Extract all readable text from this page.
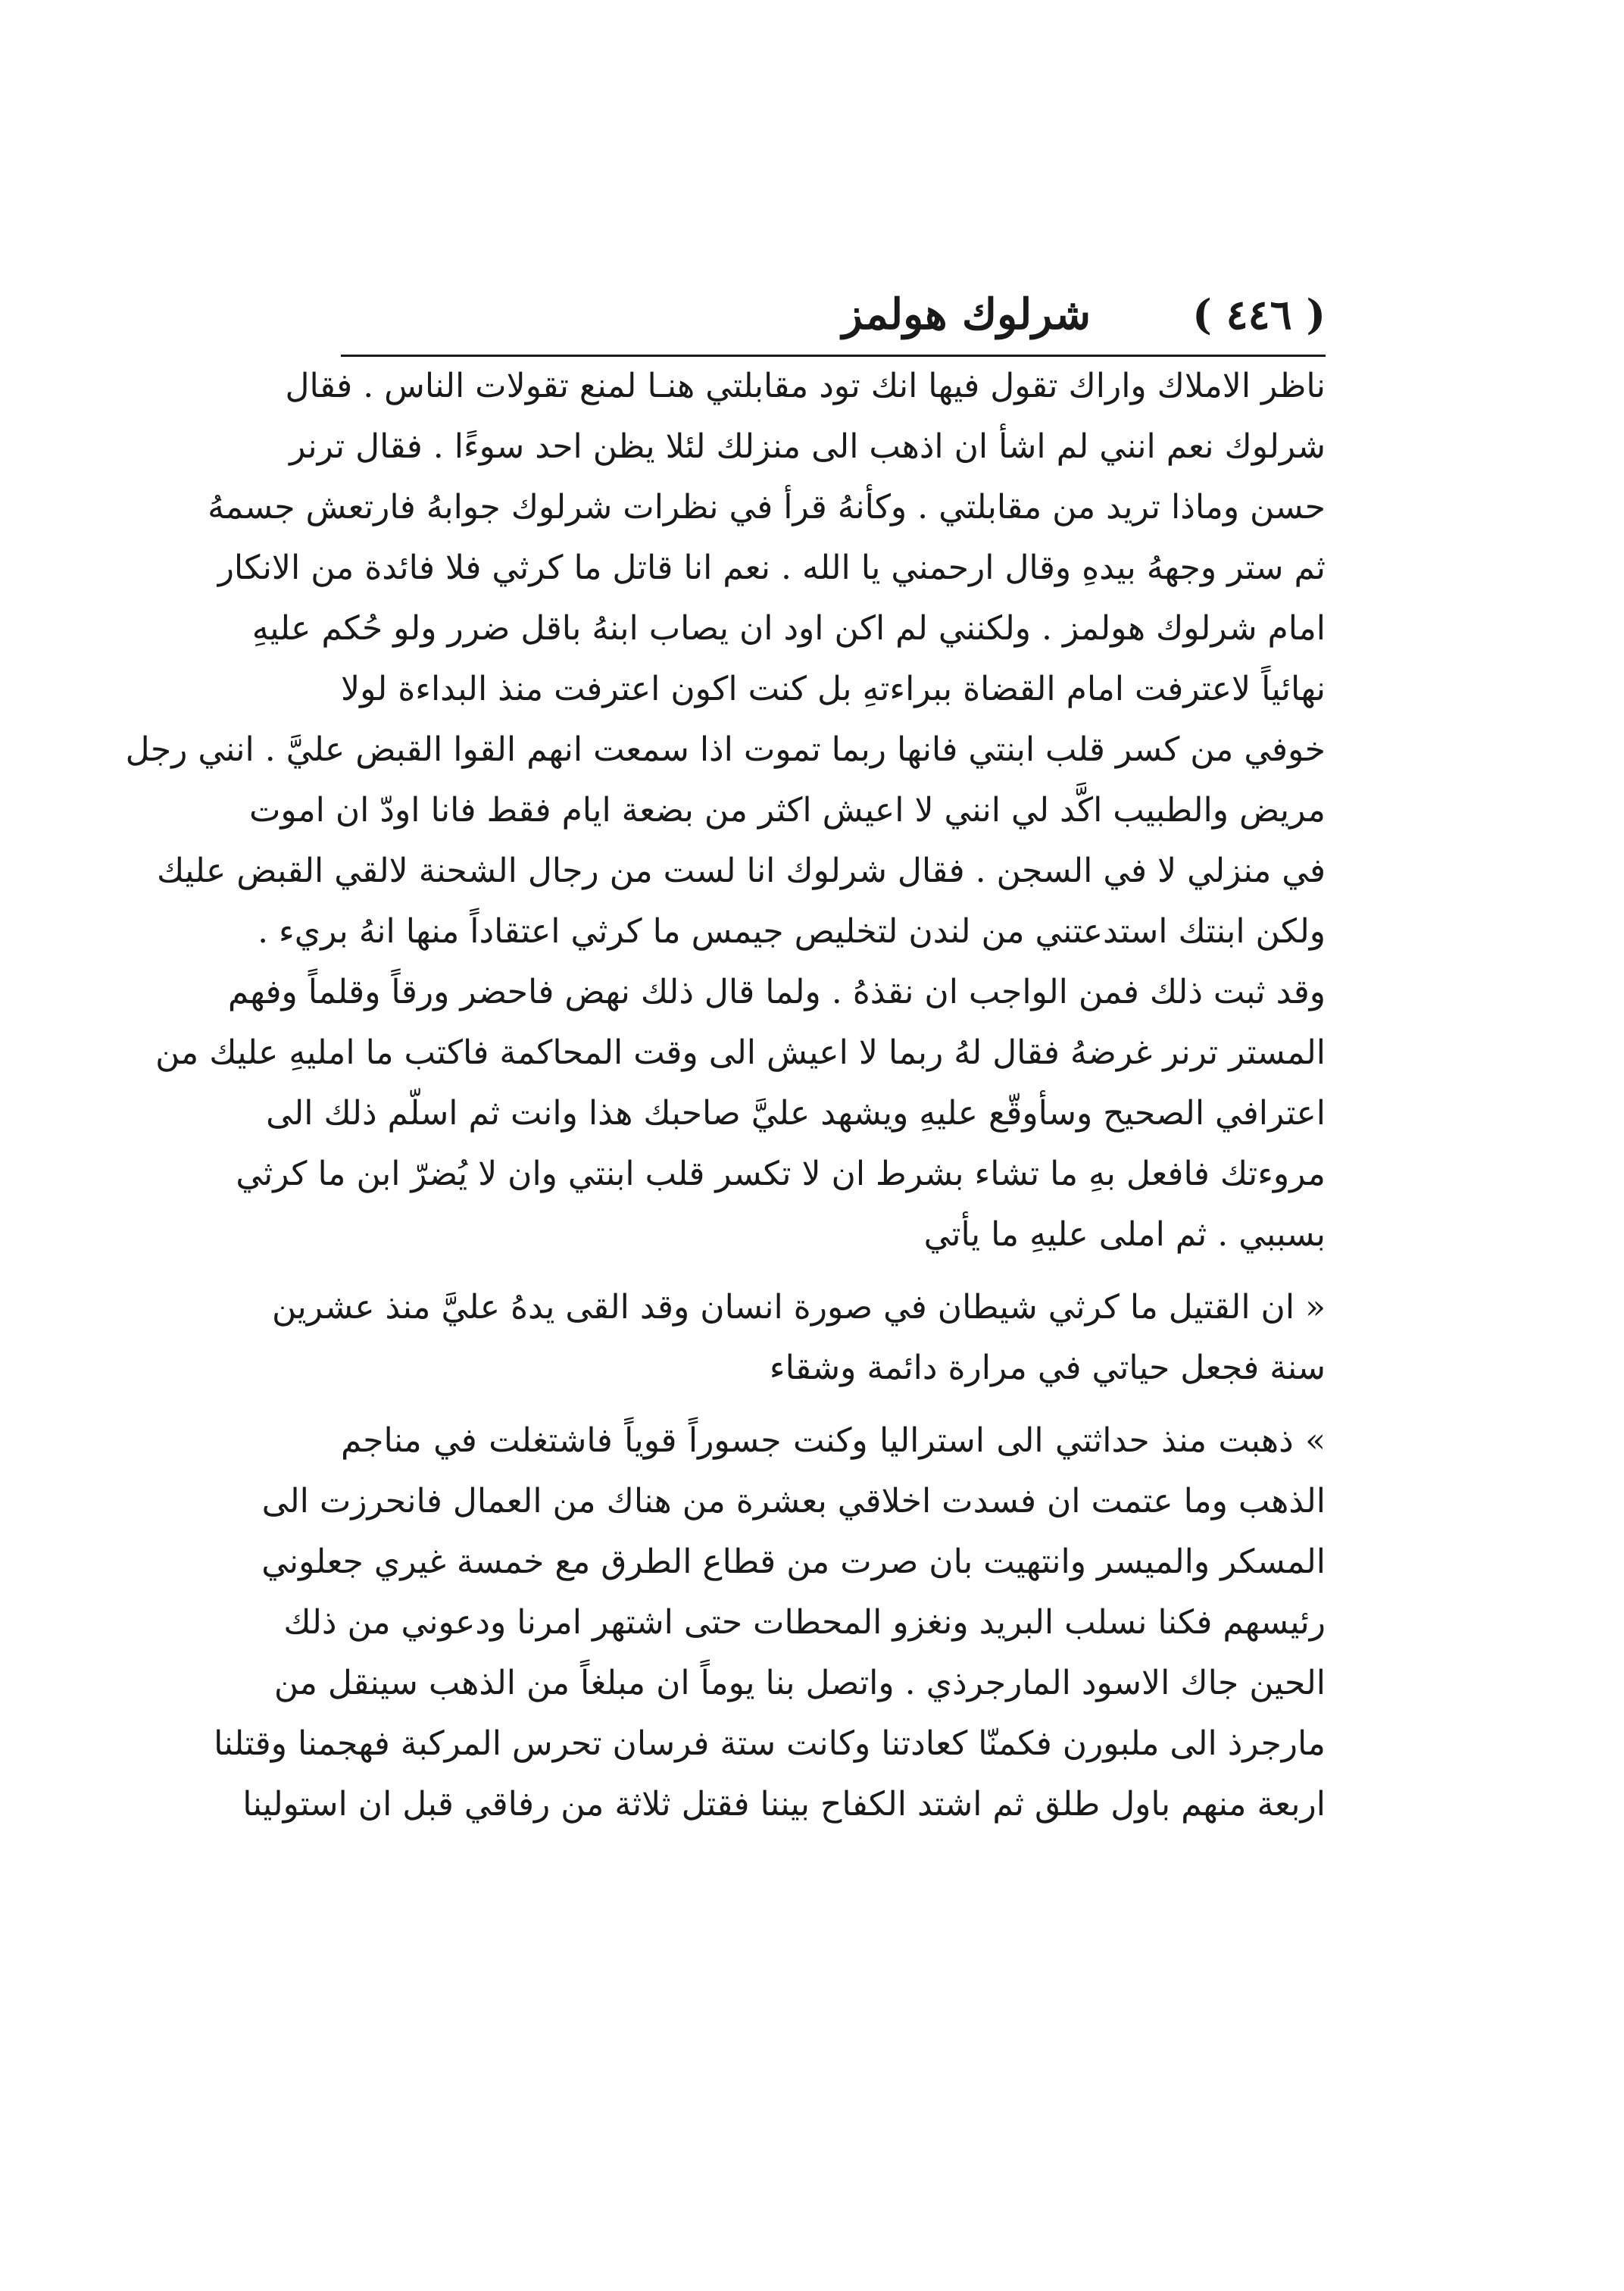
( ٤٤٦ )
شرلوك هولمز
ناظر الاملاك واراك تقول فيها انك تود مقابلتي هنـا لمنع تقولات الناس . فقال
شرلوك نعم انني لم اشأ ان اذهب الى منزلك لئلا يظن احد سوءًا . فقال ترنر
حسن وماذا تريد من مقابلتي . وكأنهُ قرأ في نظرات شرلوك جوابهُ فارتعش جسمهُ
ثم ستر وجههُ بيدهِ وقال ارحمني يا الله . نعم انا قاتل ما كرثي فلا فائدة من الانكار
امام شرلوك هولمز . ولكنني لم اكن اود ان يصاب ابنهُ باقل ضرر ولو حُكم عليهِ
نهائياً لاعترفت امام القضاة ببراءتهِ بل كنت اكون اعترفت منذ البداءة لولا
خوفي من كسر قلب ابنتي فانها ربما تموت اذا سمعت انهم القوا القبض عليَّ . انني رجل
مريض والطبيب اكَّد لي انني لا اعيش اكثر من بضعة ايام فقط فانا اودّ ان اموت
في منزلي لا في السجن . فقال شرلوك انا لست من رجال الشحنة لالقي القبض عليك
ولكن ابنتك استدعتني من لندن لتخليص جيمس ما كرثي اعتقاداً منها انهُ بريء .
وقد ثبت ذلك فمن الواجب ان نقذهُ . ولما قال ذلك نهض فاحضر ورقاً وقلماً وفهم
المستر ترنر غرضهُ فقال لهُ ربما لا اعيش الى وقت المحاكمة فاكتب ما امليهِ عليك من
اعترافي الصحيح وسأوقّع عليهِ ويشهد عليَّ صاحبك هذا وانت ثم اسلّم ذلك الى
مروءتك فافعل بهِ ما تشاء بشرط ان لا تكسر قلب ابنتي وان لا يُضرّ ابن ما كرثي
بسببي . ثم املى عليهِ ما يأتي
« ان القتيل ما كرثي شيطان في صورة انسان وقد القى يدهُ عليَّ منذ عشرين
سنة فجعل حياتي في مرارة دائمة وشقاء
» ذهبت منذ حداثتي الى استراليا وكنت جسوراً قوياً فاشتغلت في مناجم
الذهب وما عتمت ان فسدت اخلاقي بعشرة من هناك من العمال فانحرزت الى
المسكر والميسر وانتهيت بان صرت من قطاع الطرق مع خمسة غيري جعلوني
رئيسهم فكنا نسلب البريد ونغزو المحطات حتى اشتهر امرنا ودعوني من ذلك
الحين جاك الاسود المارجرذي . واتصل بنا يوماً ان مبلغاً من الذهب سينقل من
مارجرذ الى ملبورن فكمنّا كعادتنا وكانت ستة فرسان تحرس المركبة فهجمنا وقتلنا
اربعة منهم باول طلق ثم اشتد الكفاح بيننا فقتل ثلاثة من رفاقي قبل ان استولينا
